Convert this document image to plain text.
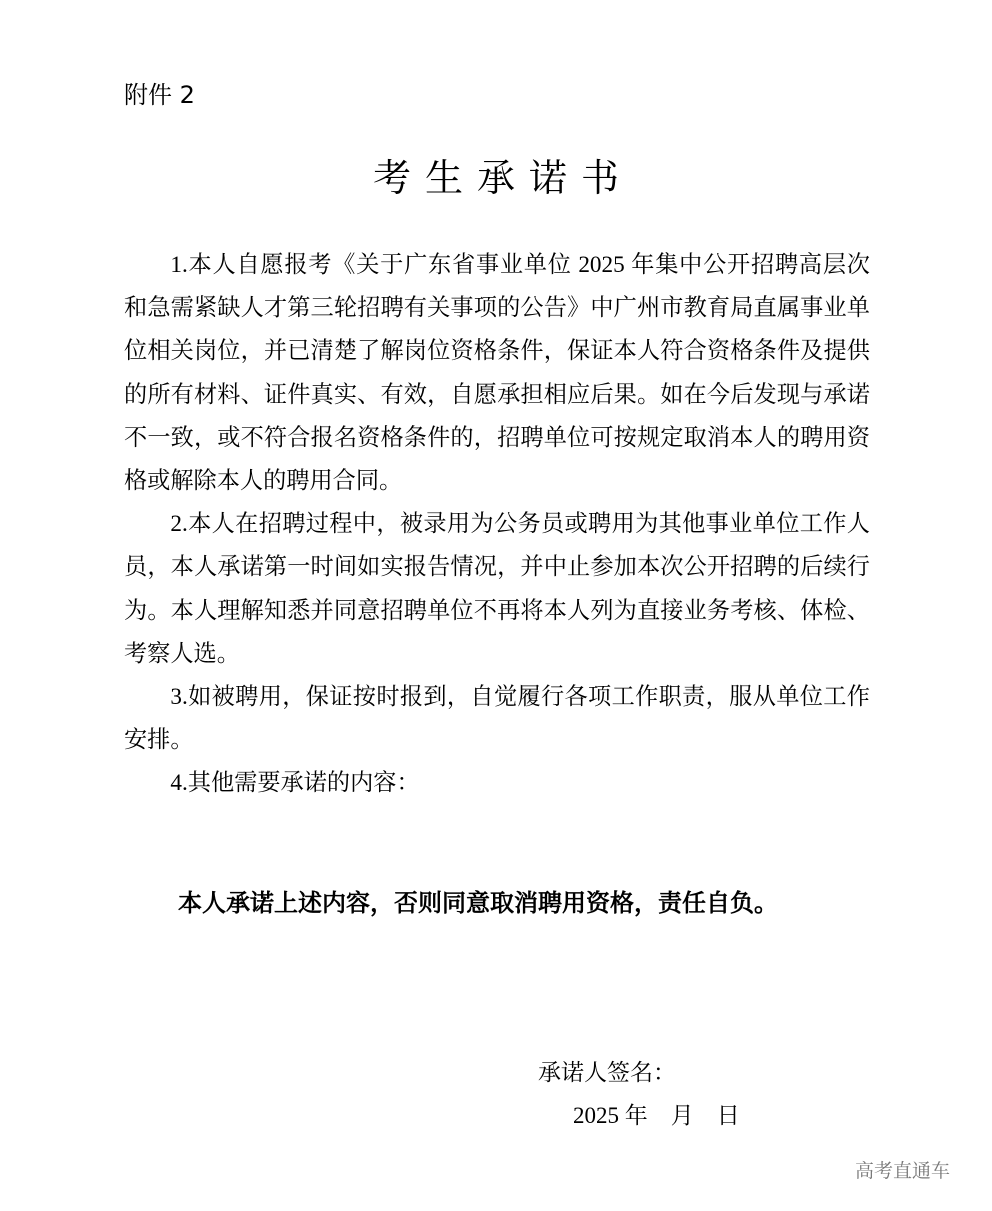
附件 2
考生承诺书

1.本人自愿报考《关于广东省事业单位 2025 年集中公开招聘高层次和急需紧缺人才第三轮招聘有关事项的公告》中广州市教育局直属事业单位相关岗位，并已清楚了解岗位资格条件，保证本人符合资格条件及提供的所有材料、证件真实、有效，自愿承担相应后果。如在今后发现与承诺不一致，或不符合报名资格条件的，招聘单位可按规定取消本人的聘用资格或解除本人的聘用合同。

2.本人在招聘过程中，被录用为公务员或聘用为其他事业单位工作人员，本人承诺第一时间如实报告情况，并中止参加本次公开招聘的后续行为。本人理解知悉并同意招聘单位不再将本人列为直接业务考核、体检、考察人选。

3.如被聘用，保证按时报到，自觉履行各项工作职责，服从单位工作安排。

4.其他需要承诺的内容：

本人承诺上述内容，否则同意取消聘用资格，责任自负。
承诺人签名：
2025 年    月    日
高考直通车
